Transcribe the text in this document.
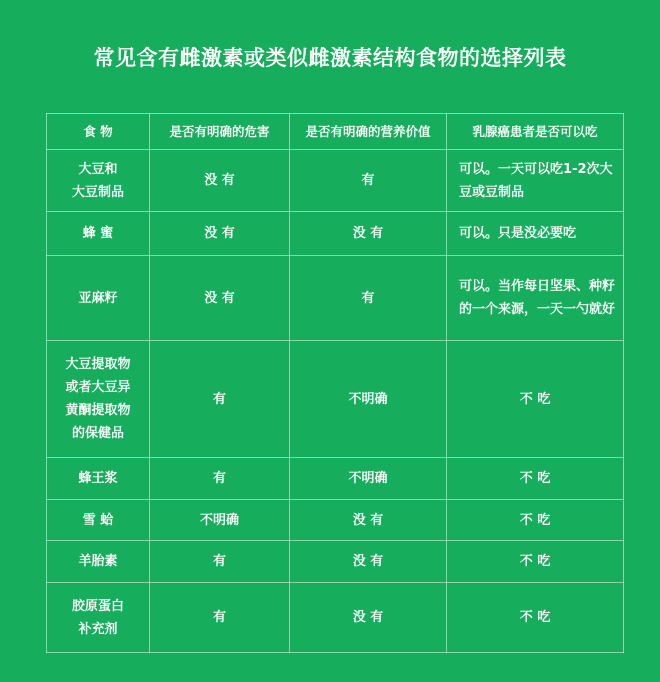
常见含有雌激素或类似雌激素结构食物的选择列表
食 物	是否有明确的危害	是否有明确的营养价值	乳腺癌患者是否可以吃
大豆和
大豆制品	没 有	有	可以。一天可以吃1-2次大豆或豆制品
蜂 蜜	没 有	没 有	可以。只是没必要吃
亚麻籽	没 有	有	可以。当作每日坚果、种籽的一个来源，一天一勺就好
大豆提取物
或者大豆异
黄酮提取物
的保健品	有	不明确	不 吃
蜂王浆	有	不明确	不 吃
雪 蛤	不明确	没 有	不 吃
羊胎素	有	没 有	不 吃
胶原蛋白
补充剂	有	没 有	不 吃
